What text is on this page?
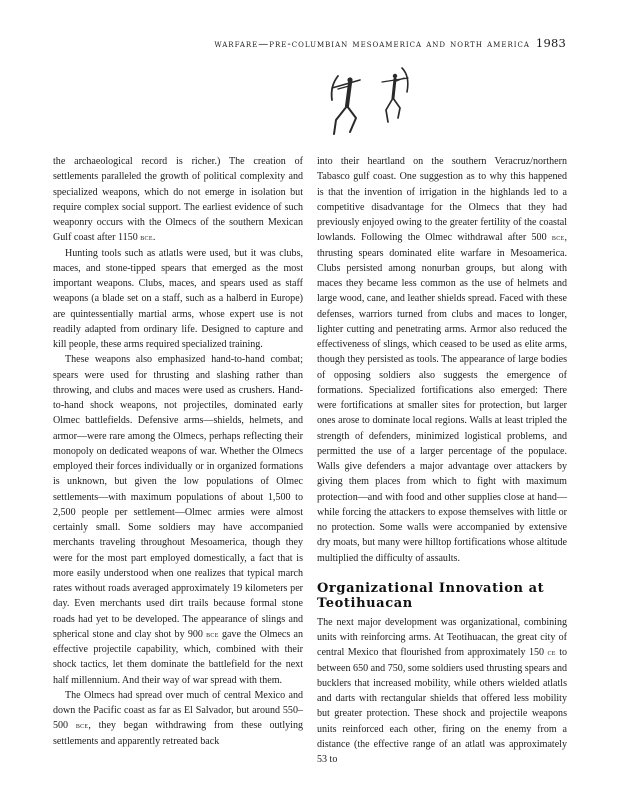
warfare—pre-columbian mesoamerica and north america 1983

the archaeological record is richer.) The creation of settlements paralleled the growth of political complexity and specialized weapons, which do not emerge in isolation but require complex social support. The earliest evidence of such weaponry occurs with the Olmecs of the southern Mexican Gulf coast after 1150 bce.

Hunting tools such as atlatls were used, but it was clubs, maces, and stone-tipped spears that emerged as the most important weapons. Clubs, maces, and spears used as staff weapons (a blade set on a staff, such as a halberd in Europe) are quintessentially martial arms, whose expert use is not readily adapted from ordinary life. Designed to capture and kill people, these arms required specialized training.

These weapons also emphasized hand-to-hand combat; spears were used for thrusting and slashing rather than throwing, and clubs and maces were used as crushers. Hand-to-hand shock weapons, not projectiles, dominated early Olmec battlefields. Defensive arms—shields, helmets, and armor—were rare among the Olmecs, perhaps reflecting their monopoly on dedicated weapons of war. Whether the Olmecs employed their forces individually or in organized formations is unknown, but given the low populations of Olmec settlements—with maximum populations of about 1,500 to 2,500 people per settlement—Olmec armies were almost certainly small. Some soldiers may have accompanied merchants traveling throughout Mesoamerica, though they were for the most part employed domestically, a fact that is more easily understood when one realizes that typical march rates without roads averaged approximately 19 kilometers per day. Even merchants used dirt trails because formal stone roads had yet to be developed. The appearance of slings and spherical stone and clay shot by 900 bce gave the Olmecs an effective projectile capability, which, combined with their shock tactics, let them dominate the battlefield for the next half millennium. And their way of war spread with them.

The Olmecs had spread over much of central Mexico and down the Pacific coast as far as El Salvador, but around 550–500 bce, they began withdrawing from these outlying settlements and apparently retreated back

into their heartland on the southern Veracruz/northern Tabasco gulf coast. One suggestion as to why this happened is that the invention of irrigation in the highlands led to a competitive disadvantage for the Olmecs that they had previously enjoyed owing to the greater fertility of the coastal lowlands. Following the Olmec withdrawal after 500 bce, thrusting spears dominated elite warfare in Mesoamerica. Clubs persisted among nonurban groups, but along with maces they became less common as the use of helmets and large wood, cane, and leather shields spread. Faced with these defenses, warriors turned from clubs and maces to longer, lighter cutting and penetrating arms. Armor also reduced the effectiveness of slings, which ceased to be used as elite arms, though they persisted as tools. The appearance of large bodies of opposing soldiers also suggests the emergence of formations. Specialized fortifications also emerged: There were fortifications at smaller sites for protection, but larger ones arose to dominate local regions. Walls at least tripled the strength of defenders, minimized logistical problems, and permitted the use of a larger percentage of the populace. Walls give defenders a major advantage over attackers by giving them places from which to fight with maximum protection—and with food and other supplies close at hand—while forcing the attackers to expose themselves with little or no protection. Some walls were accompanied by extensive dry moats, but many were hilltop fortifications whose altitude multiplied the difficulty of assaults.

Organizational Innovation at Teotihuacan

The next major development was organizational, combining units with reinforcing arms. At Teotihuacan, the great city of central Mexico that flourished from approximately 150 ce to between 650 and 750, some soldiers used thrusting spears and bucklers that increased mobility, while others wielded atlatls and darts with rectangular shields that offered less mobility but greater protection. These shock and projectile weapons units reinforced each other, firing on the enemy from a distance (the effective range of an atlatl was approximately 53 to
